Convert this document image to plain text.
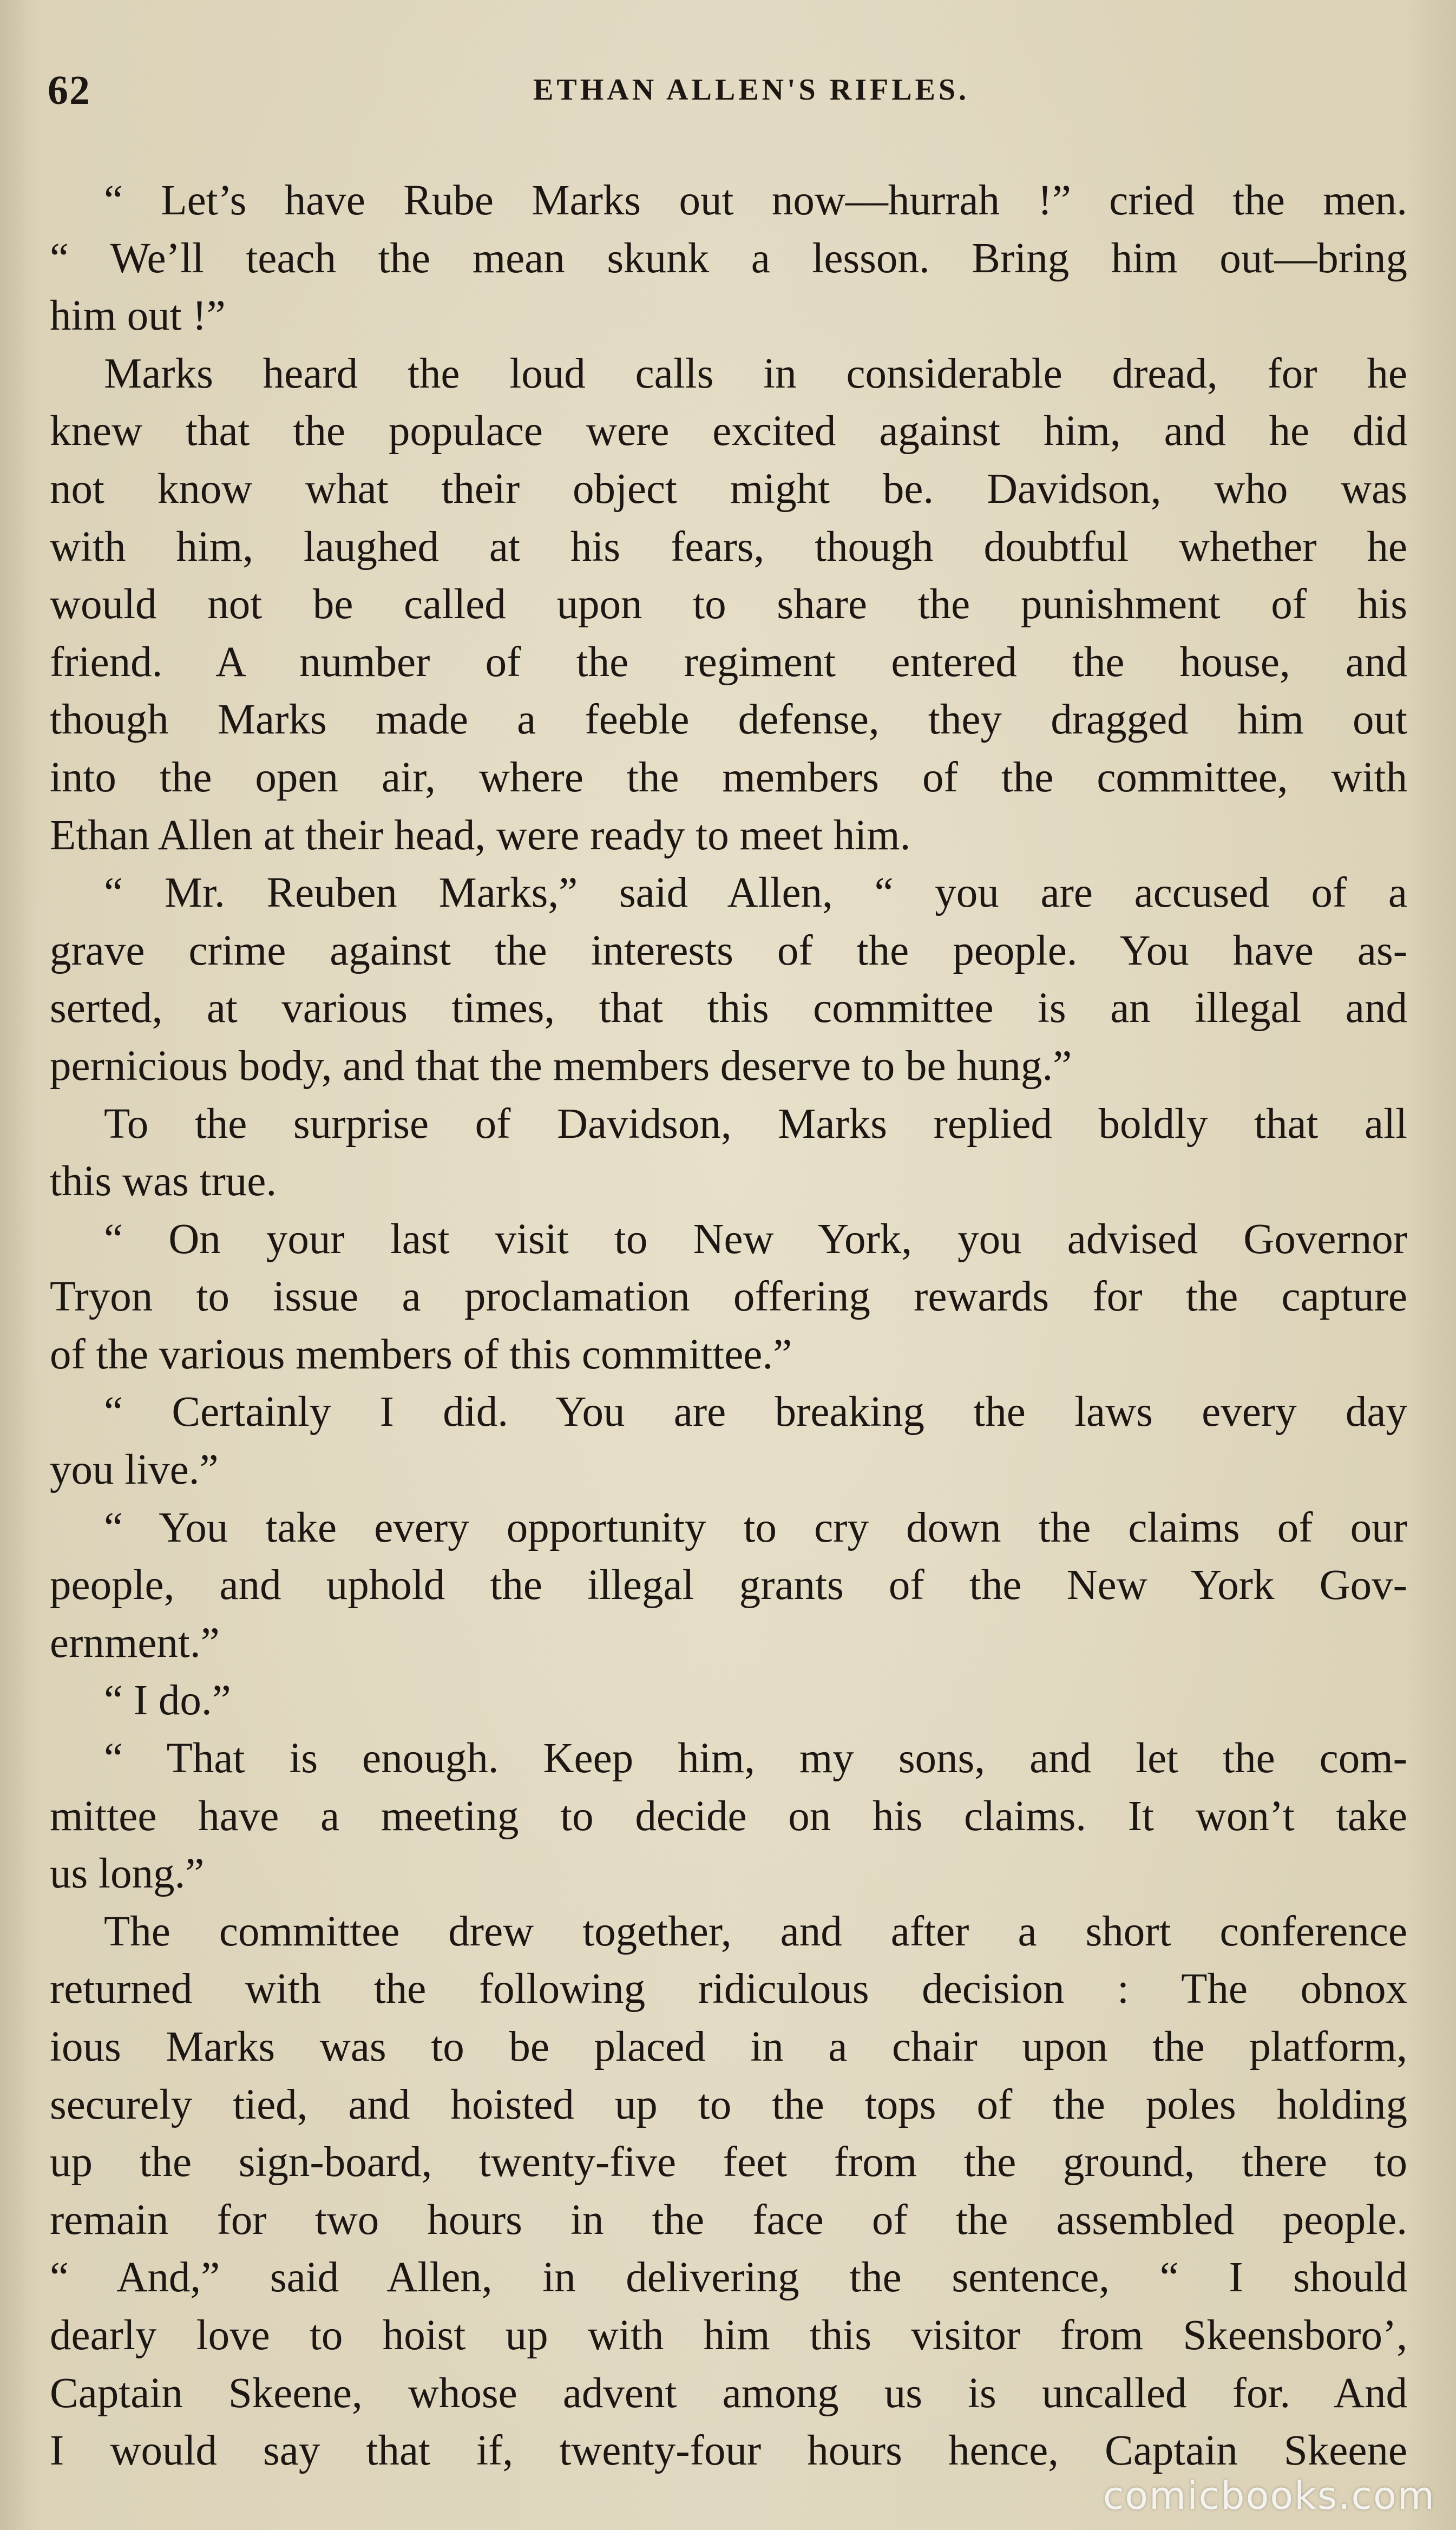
62	ETHAN ALLEN'S RIFLES.
“ Let’s have Rube Marks out now—hurrah !” cried the men.
“ We’ll teach the mean skunk a lesson. Bring him out—bring
him out !”
Marks heard the loud calls in considerable dread, for he
knew that the populace were excited against him, and he did
not know what their object might be. Davidson, who was
with him, laughed at his fears, though doubtful whether he
would not be called upon to share the punishment of his
friend. A number of the regiment entered the house, and
though Marks made a feeble defense, they dragged him out
into the open air, where the members of the committee, with
Ethan Allen at their head, were ready to meet him.
“ Mr. Reuben Marks,” said Allen, “ you are accused of a
grave crime against the interests of the people. You have as-
serted, at various times, that this committee is an illegal and
pernicious body, and that the members deserve to be hung.”
To the surprise of Davidson, Marks replied boldly that all
this was true.
“ On your last visit to New York, you advised Governor
Tryon to issue a proclamation offering rewards for the capture
of the various members of this committee.”
“ Certainly I did. You are breaking the laws every day
you live.”
“ You take every opportunity to cry down the claims of our
people, and uphold the illegal grants of the New York Gov-
ernment.”
“ I do.”
“ That is enough. Keep him, my sons, and let the com-
mittee have a meeting to decide on his claims. It won’t take
us long.”
The committee drew together, and after a short conference
returned with the following ridiculous decision : The obnox
ious Marks was to be placed in a chair upon the platform,
securely tied, and hoisted up to the tops of the poles holding
up the sign-board, twenty-five feet from the ground, there to
remain for two hours in the face of the assembled people.
“ And,” said Allen, in delivering the sentence, “ I should
dearly love to hoist up with him this visitor from Skeensboro’,
Captain Skeene, whose advent among us is uncalled for. And
I would say that if, twenty-four hours hence, Captain Skeene
comicbooks.com
